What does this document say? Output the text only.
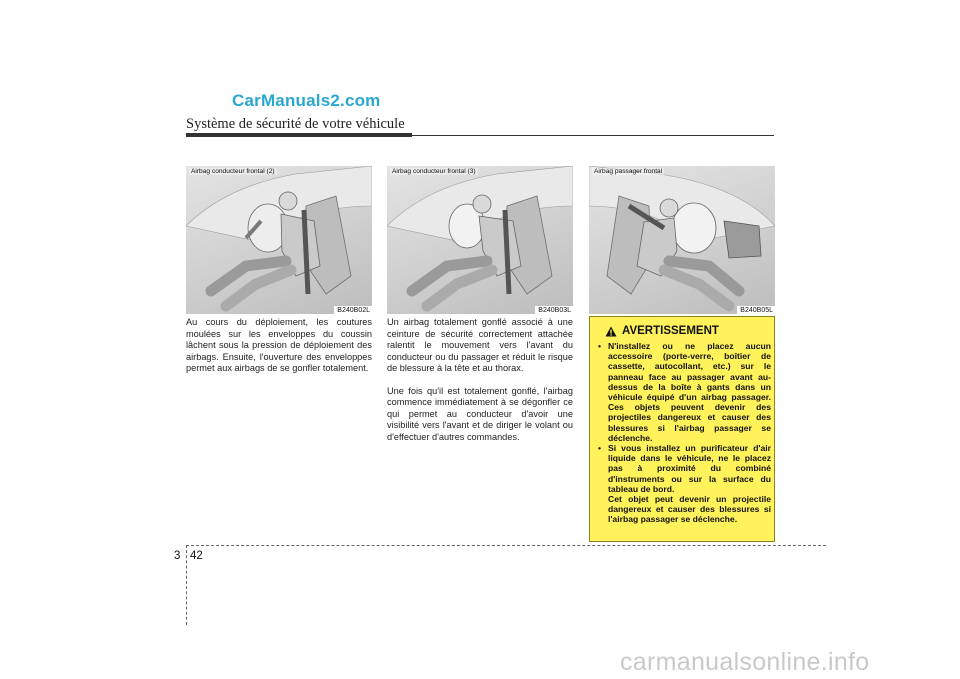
CarManuals2.com
Système de sécurité de votre véhicule
Airbag conducteur frontal (2)
B240B02L
Airbag conducteur frontal (3)
B240B03L
Airbag passager frontal
B240B05L

Au cours du déploiement, les coutures moulées sur les enveloppes du coussin lâchent sous la pression de déploiement des airbags. Ensuite, l'ouverture des enveloppes permet aux airbags de se gonfler totalement.

Un airbag totalement gonflé associé à une ceinture de sécurité correctement attachée ralentit le mouvement vers l'avant du conducteur ou du passager et réduit le risque de blessure à la tête et au thorax.

Une fois qu'il est totalement gonflé, l'airbag commence immédiatement à se dégonfler ce qui permet au conducteur d'avoir une visibilité vers l'avant et de diriger le volant ou d'effectuer d'autres commandes.

AVERTISSEMENT
• N'installez ou ne placez aucun accessoire (porte-verre, boîtier de cassette, autocollant, etc.) sur le panneau face au passager avant au-dessus de la boîte à gants dans un véhicule équipé d'un airbag passager. Ces objets peuvent devenir des projectiles dangereux et causer des blessures si l'airbag passager se déclenche.
• Si vous installez un purificateur d'air liquide dans le véhicule, ne le placez pas à proximité du combiné d'instruments ou sur la surface du tableau de bord.
Cet objet peut devenir un projectile dangereux et causer des blessures si l'airbag passager se déclenche.
3 42
carmanualsonline.info
